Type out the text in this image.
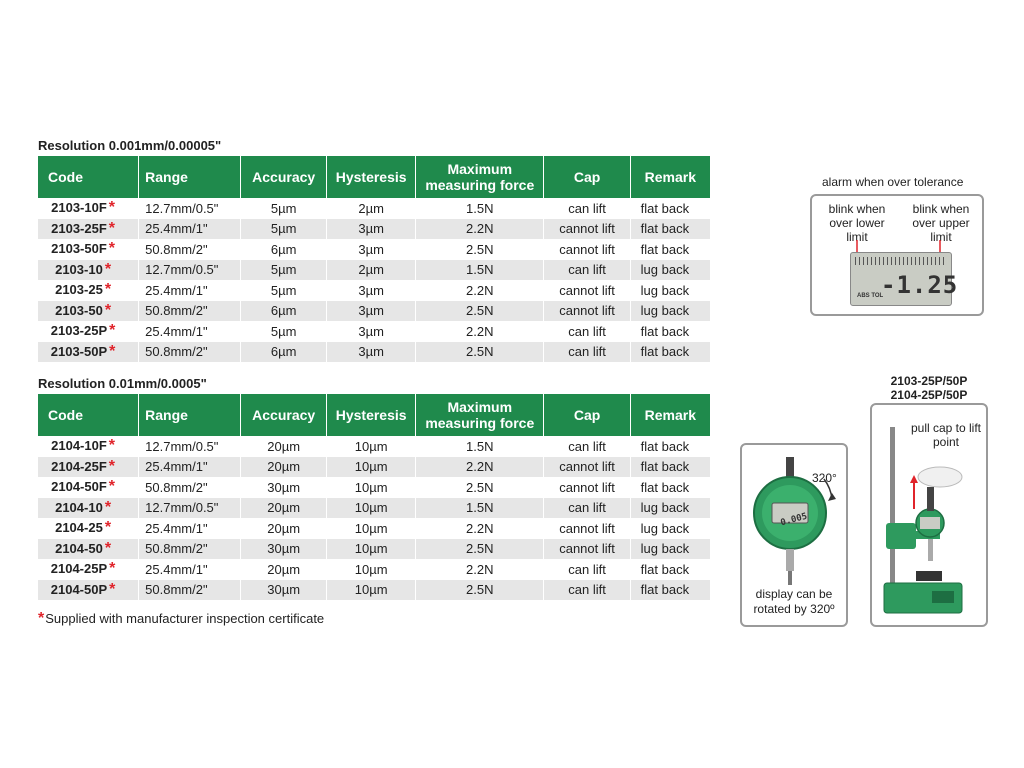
Resolution 0.001mm/0.00005"
Code	Range	Accuracy	Hysteresis	Maximum measuring force	Cap	Remark
2103-10F *	12.7mm/0.5"	5µm	2µm	1.5N	can lift	flat back
2103-25F *	25.4mm/1"	5µm	3µm	2.2N	cannot lift	flat back
2103-50F *	50.8mm/2"	6µm	3µm	2.5N	cannot lift	flat back
2103-10 *	12.7mm/0.5"	5µm	2µm	1.5N	can lift	lug back
2103-25 *	25.4mm/1"	5µm	3µm	2.2N	cannot lift	lug back
2103-50 *	50.8mm/2"	6µm	3µm	2.5N	cannot lift	lug back
2103-25P *	25.4mm/1"	5µm	3µm	2.2N	can lift	flat back
2103-50P *	50.8mm/2"	6µm	3µm	2.5N	can lift	flat back
Resolution 0.01mm/0.0005"
Code	Range	Accuracy	Hysteresis	Maximum measuring force	Cap	Remark
2104-10F *	12.7mm/0.5"	20µm	10µm	1.5N	can lift	flat back
2104-25F *	25.4mm/1"	20µm	10µm	2.2N	cannot lift	flat back
2104-50F *	50.8mm/2"	30µm	10µm	2.5N	cannot lift	flat back
2104-10 *	12.7mm/0.5"	20µm	10µm	1.5N	can lift	lug back
2104-25 *	25.4mm/1"	20µm	10µm	2.2N	cannot lift	lug back
2104-50 *	50.8mm/2"	30µm	10µm	2.5N	cannot lift	lug back
2104-25P *	25.4mm/1"	20µm	10µm	2.2N	can lift	flat back
2104-50P *	50.8mm/2"	30µm	10µm	2.5N	can lift	flat back
*Supplied with manufacturer inspection certificate
alarm when over tolerance
blink when over lower limit
blink when over upper limit
-1.25
ABS TOL
0.005
320°
display can be rotated by 320º
2103-25P/50P
2104-25P/50P
pull cap to lift point
